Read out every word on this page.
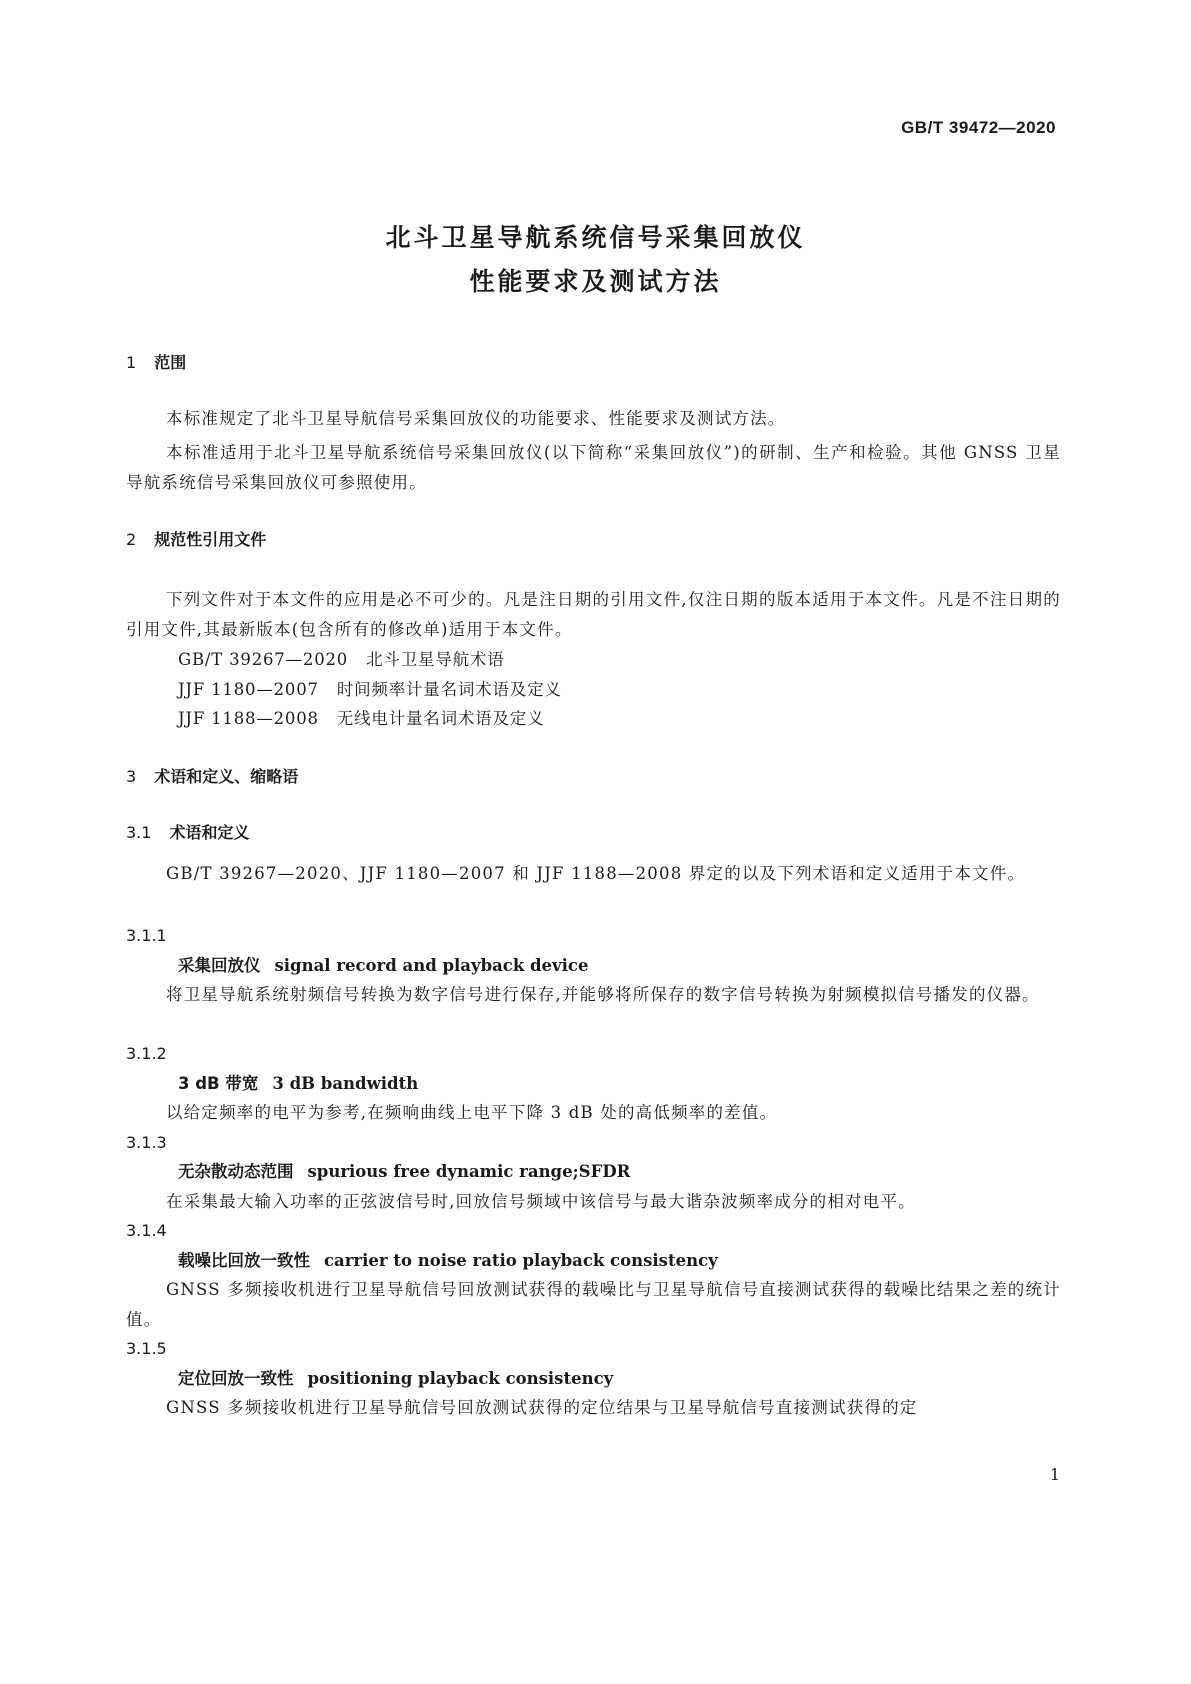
GB/T 39472—2020
北斗卫星导航系统信号采集回放仪
性能要求及测试方法
1 范围
本标准规定了北斗卫星导航信号采集回放仪的功能要求、性能要求及测试方法。
本标准适用于北斗卫星导航系统信号采集回放仪(以下简称“采集回放仪”)的研制、生产和检验。其他 GNSS 卫星导航系统信号采集回放仪可参照使用。
2 规范性引用文件
下列文件对于本文件的应用是必不可少的。凡是注日期的引用文件,仅注日期的版本适用于本文件。凡是不注日期的引用文件,其最新版本(包含所有的修改单)适用于本文件。
GB/T 39267—2020 北斗卫星导航术语
JJF 1180—2007 时间频率计量名词术语及定义
JJF 1188—2008 无线电计量名词术语及定义
3 术语和定义、缩略语
3.1 术语和定义
GB/T 39267—2020、JJF 1180—2007 和 JJF 1188—2008 界定的以及下列术语和定义适用于本文件。
3.1.1
采集回放仪 signal record and playback device
将卫星导航系统射频信号转换为数字信号进行保存,并能够将所保存的数字信号转换为射频模拟信号播发的仪器。
3.1.2
3 dB 带宽 3 dB bandwidth
以给定频率的电平为参考,在频响曲线上电平下降 3 dB 处的高低频率的差值。
3.1.3
无杂散动态范围 spurious free dynamic range;SFDR
在采集最大输入功率的正弦波信号时,回放信号频域中该信号与最大谐杂波频率成分的相对电平。
3.1.4
载噪比回放一致性 carrier to noise ratio playback consistency
GNSS 多频接收机进行卫星导航信号回放测试获得的载噪比与卫星导航信号直接测试获得的载噪比结果之差的统计值。
3.1.5
定位回放一致性 positioning playback consistency
GNSS 多频接收机进行卫星导航信号回放测试获得的定位结果与卫星导航信号直接测试获得的定
1
